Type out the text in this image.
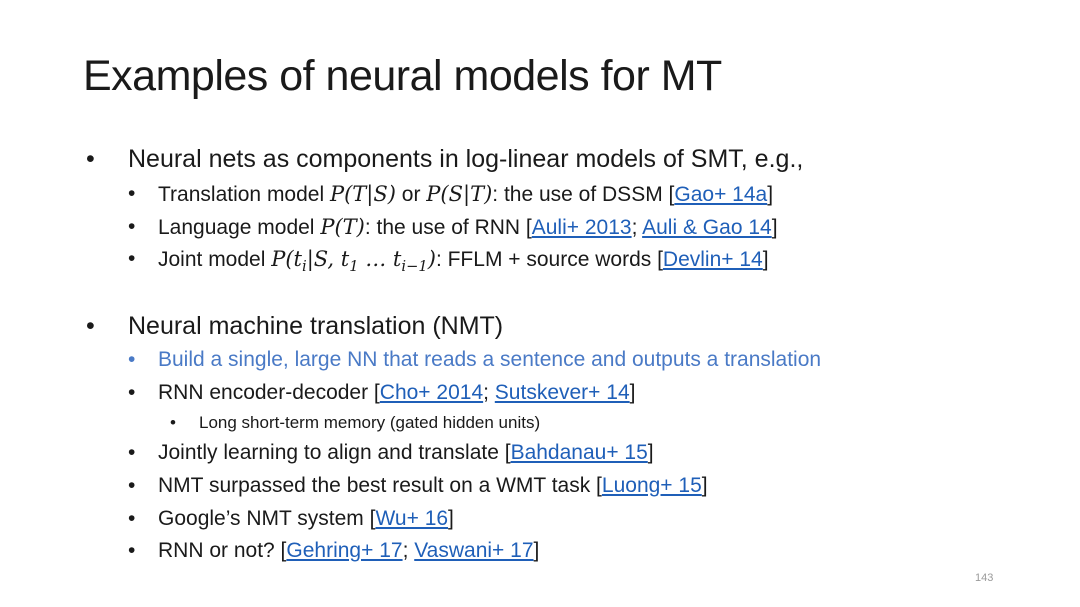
Examples of neural models for MT
• Neural nets as components in log-linear models of SMT, e.g.,
• Translation model P(T|S) or P(S|T): the use of DSSM [Gao+ 14a]
• Language model P(T): the use of RNN [Auli+ 2013; Auli & Gao 14]
• Joint model $P(t_i|S$, $t_1$ … $t_{i-1}$): FFLM + source words [Devlin+ 14]
• Neural machine translation (NMT)
• Build a single, large NN that reads a sentence and outputs a translation
• RNN encoder-decoder [Cho+ 2014; Sutskever+ 14]
• Long short-term memory (gated hidden units)
• Jointly learning to align and translate [Bahdanau+ 15]
• NMT surpassed the best result on a WMT task [Luong+ 15]
• Google’s NMT system [Wu+ 16]
• RNN or not? [Gehring+ 17; Vaswani+ 17]
143
